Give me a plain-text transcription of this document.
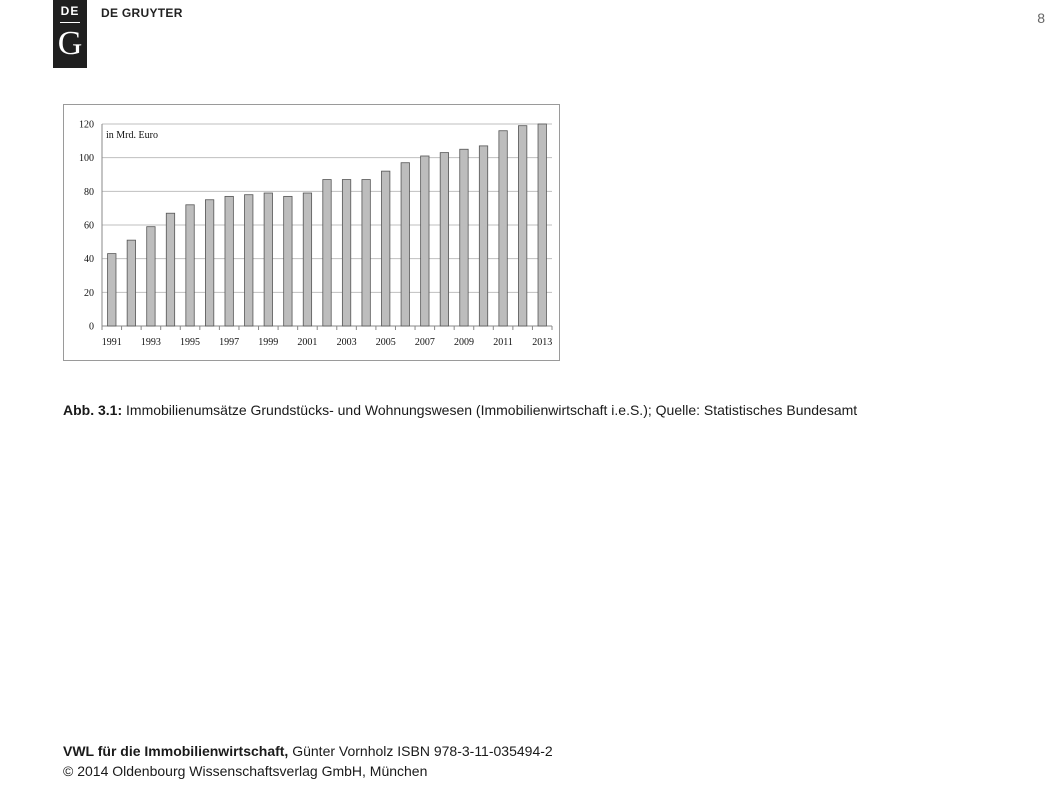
DE
G
DE GRUYTER	8
0
20
40
60
80
100
120
in Mrd. Euro
1991 1993 1995 1997 1999 2001 2003 2005 2007 2009 2011 2013
Abb. 3.1: Immobilienumsätze Grundstücks- und Wohnungswesen (Immobilienwirtschaft i.e.S.); Quelle: Statistisches Bundesamt
VWL für die Immobilienwirtschaft, Günter Vornholz ISBN 978-3-11-035494-2
© 2014 Oldenbourg Wissenschaftsverlag GmbH, München
